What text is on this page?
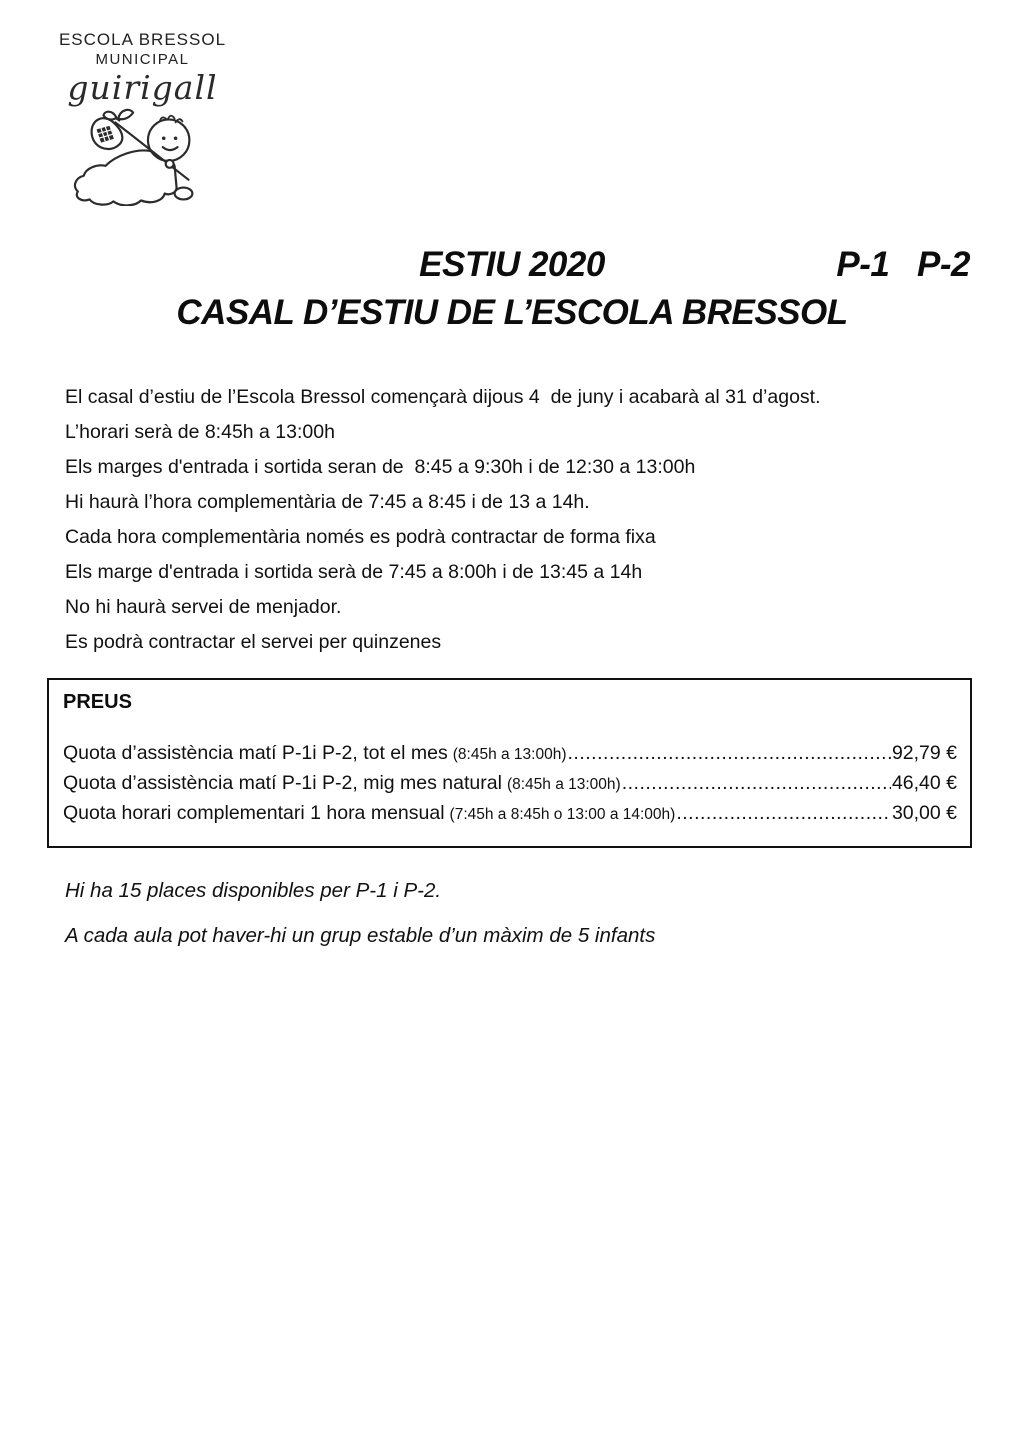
ESCOLA BRESSOL
MUNICIPAL
guirigall
ESTIU 2020	P-1   P-2
CASAL D’ESTIU DE L’ESCOLA BRESSOL

El casal d’estiu de l’Escola Bressol començarà dijous 4  de juny i acabarà al 31 d’agost.

L’horari serà de 8:45h a 13:00h

Els marges d'entrada i sortida seran de  8:45 a 9:30h i de 12:30 a 13:00h

Hi haurà l’hora complementària de 7:45 a 8:45 i de 13 a 14h.

Cada hora complementària només es podrà contractar de forma fixa

Els marge d'entrada i sortida serà de 7:45 a 8:00h i de 13:45 a 14h

No hi haurà servei de menjador.

Es podrà contractar el servei per quinzenes

PREUS
Quota d’assistència matí P-1i P-2, tot el mes (8:45h a 13:00h) .....	92,79 €
Quota d’assistència matí P-1i P-2, mig mes natural (8:45h a 13:00h) .....	46,40 €
Quota horari complementari 1 hora mensual (7:45h a 8:45h o 13:00 a 14:00h) .....	30,00 €

Hi ha 15 places disponibles per P-1 i P-2.

A cada aula pot haver-hi un grup estable d’un màxim de 5 infants
